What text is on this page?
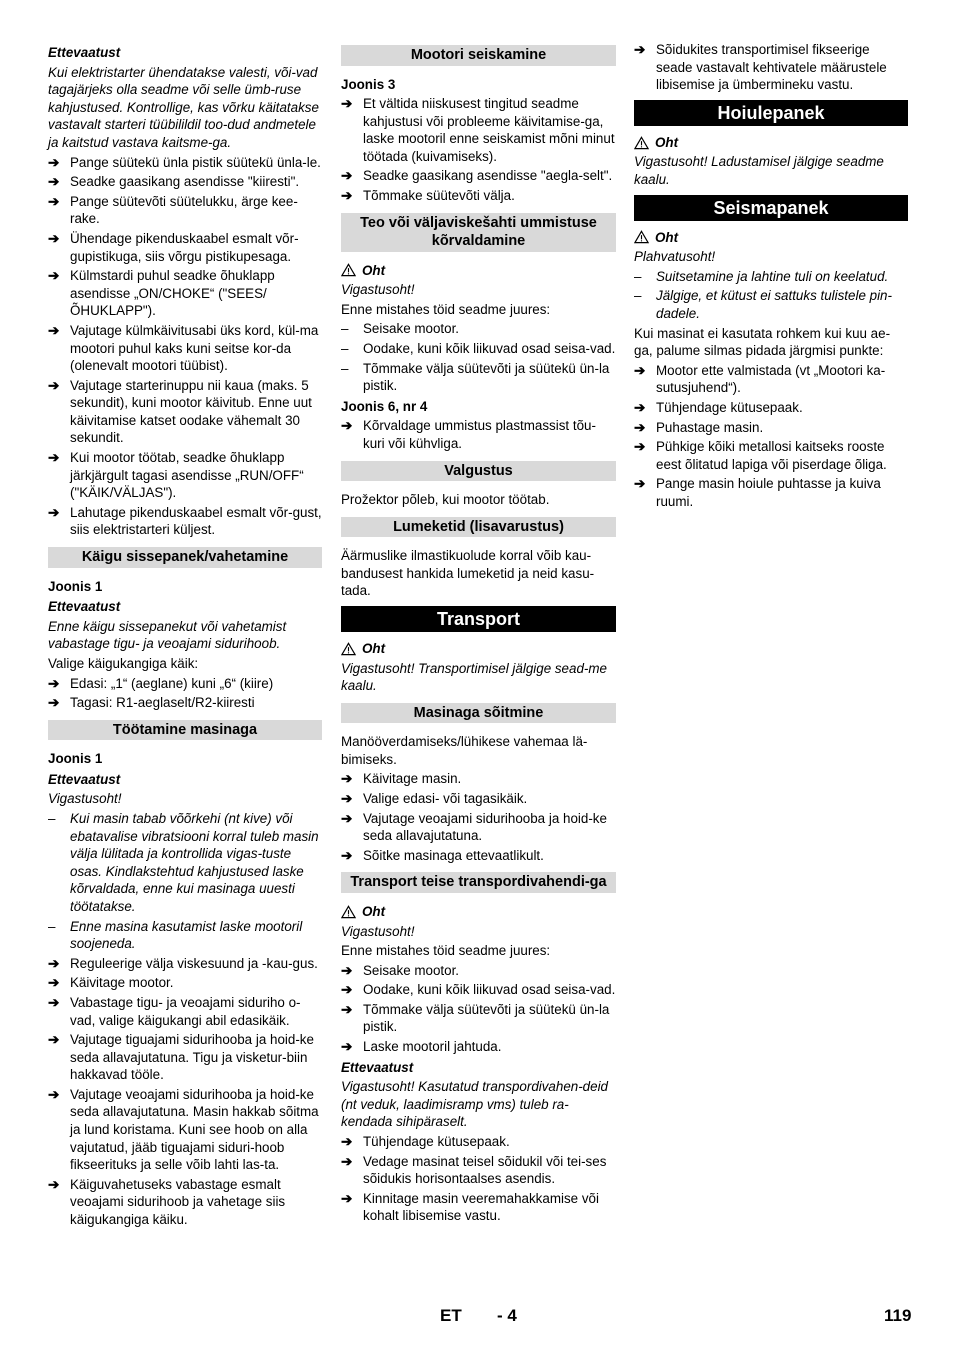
Ettevaatust

Kui elektristarter ühendatakse valesti, või-vad tagajärjeks olla seadme või selle ümb-ruse kahjustused. Kontrollige, kas võrku käitatakse vastavalt starteri tüübilildil too-dud andmetele ja kaitstud vastava kaitsme-ga.

➔ Pange süütekü ünla pistik süütekü ünla-le.
➔ Seadke gaasikang asendisse "kiiresti".
➔ Pange süütevõti süütelukku, ärge kee-rake.
➔ Ühendage pikenduskaabel esmalt võr-gupistikuga, siis võrgu pistikupesaga.
➔ Külmstardi puhul seadke õhuklapp asendisse „ON/CHOKE“ ("SEES/ ÕHUKLAPP").
➔ Vajutage külmkäivitusabi üks kord, kül-ma mootori puhul kaks kuni seitse kor-da (olenevalt mootori tüübist).
➔ Vajutage starterinuppu nii kaua (maks. 5 sekundit), kuni mootor käivitub. Enne uut käivitamise katset oodake vähemalt 30 sekundit.
➔ Kui mootor töötab, seadke õhuklapp järkjärgult tagasi asendisse „RUN/OFF“ ("KÄIK/VÄLJAS").
➔ Lahutage pikenduskaabel esmalt võr-gust, siis elektristarteri küljest.
Käigu sissepanek/vahetamine

Joonis 1

Ettevaatust

Enne käigu sissepanekut või vahetamist vabastage tigu- ja veoajami sidurihoob.

Valige käigukangiga käik:

➔ Edasi: „1“ (aeglane) kuni „6“ (kiire)
➔ Tagasi: R1-aeglaselt/R2-kiiresti
Töötamine masinaga

Joonis 1

Ettevaatust

Vigastusoht!

–	Kui masin tabab võõrkehi (nt kive) või ebatavalise vibratsiooni korral tuleb masin välja lülitada ja kontrollida vigas-tuste osas. Kindlakstehtud kahjustused laske kõrvaldada, enne kui masinaga uuesti töötatakse.
–	Enne masina kasutamist laske mootoril soojeneda.
➔ Reguleerige välja viskesuund ja -kau-gus.
➔ Käivitage mootor.
➔ Vabastage tigu- ja veoajami siduriho o-vad, valige käigukangi abil edasikäik.
➔ Vajutage tiguajami sidurihooba ja hoid-ke seda allavajutatuna. Tigu ja visketur-biin hakkavad tööle.
➔ Vajutage veoajami sidurihooba ja hoid-ke seda allavajutatuna. Masin hakkab sõitma ja lund koristama. Kuni see hoob on alla vajutatud, jääb tiguajami siduri-hoob fikseerituks ja selle võib lahti las-ta.
➔ Käiguvahetuseks vabastage esmalt veoajami sidurihoob ja vahetage siis käigukangiga käiku.
Mootori seiskamine

Joonis 3

➔ Et vältida niiskusest tingitud seadme kahjustusi või probleeme käivitamise-ga, laske mootoril enne seiskamist mõni minut töötada (kuivamiseks).
➔ Seadke gaasikang asendisse "aegla-selt".
➔ Tõmmake süütevõti välja.
Teo või väljaviskešahti ummistuse kõrvaldamine
Oht

Vigastusoht!

Enne mistahes töid seadme juures:

–	Seisake mootor.
–	Oodake, kuni kõik liikuvad osad seisa-vad.
–	Tõmmake välja süütevõti ja süütekü ün-la pistik.

Joonis 6, nr 4

➔ Kõrvaldage ummistus plastmassist tõu-kuri või kühvliga.
Valgustus

Prožektor põleb, kui mootor töötab.

Lumeketid (lisavarustus)

Äärmuslike ilmastikuolude korral võib kau-bandusest hankida lumeketid ja neid kasu-tada.

Transport
Oht

Vigastusoht! Transportimisel jälgige sead-me kaalu.

Masinaga sõitmine

Manööverdamiseks/lühikese vahemaa lä-bimiseks.

➔ Käivitage masin.
➔ Valige edasi- või tagasikäik.
➔ Vajutage veoajami sidurihooba ja hoid-ke seda allavajutatuna.
➔ Sõitke masinaga ettevaatlikult.
Transport teise transpordivahendi-ga
Oht

Vigastusoht!

Enne mistahes töid seadme juures:

➔ Seisake mootor.
➔ Oodake, kuni kõik liikuvad osad seisa-vad.
➔ Tõmmake välja süütevõti ja süütekü ün-la pistik.
➔ Laske mootoril jahtuda.

Ettevaatust

Vigastusoht! Kasutatud transpordivahen-deid (nt veduk, laadimisramp vms) tuleb ra-kendada sihipäraselt.

➔ Tühjendage kütusepaak.
➔ Vedage masinat teisel sõidukil või tei-ses sõidukis horisontaalses asendis.
➔ Kinnitage masin veeremahakkamise või kohalt libisemise vastu.
➔ Sõidukites transportimisel fikseerige seade vastavalt kehtivatele määrustele libisemise ja ümbermineku vastu.
Hoiulepanek
Oht

Vigastusoht! Ladustamisel jälgige seadme kaalu.

Seismapanek
Oht

Plahvatusoht!

–	Suitsetamine ja lahtine tuli on keelatud.
–	Jälgige, et kütust ei sattuks tulistele pin-dadele.

Kui masinat ei kasutata rohkem kui kuu ae-ga, palume silmas pidada järgmisi punkte:

➔ Mootor ette valmistada (vt „Mootori ka-sutusjuhend“).
➔ Tühjendage kütusepaak.
➔ Puhastage masin.
➔ Pühkige kõiki metallosi kaitseks rooste eest õlitatud lapiga või piserdage õliga.
➔ Pange masin hoiule puhtasse ja kuiva ruumi.
ET - 4	119
